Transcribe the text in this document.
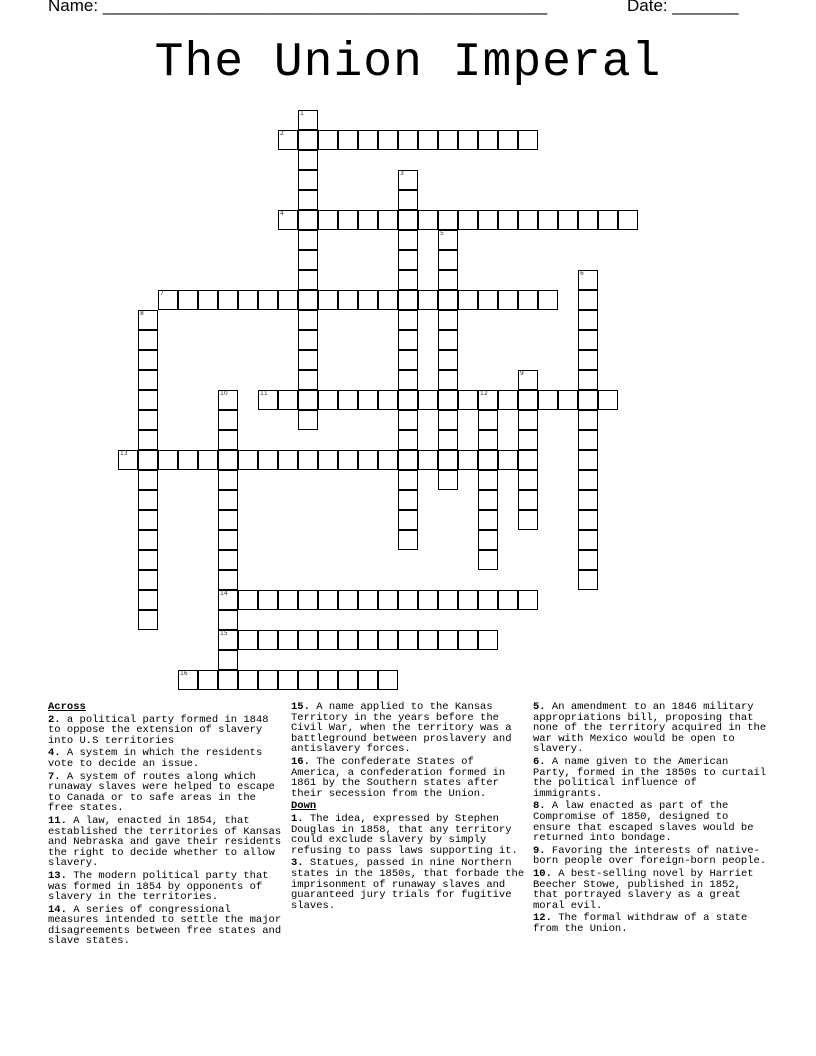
Name: _______________________________________________	Date: _______
The Union Imperal
2
4
7
11	12
13
14
15
16
1
3
5
6
8
9
10
Across
2. a political party formed in 1848 to oppose the extension of slavery into U.S territories
4. A system in which the residents vote to decide an issue.
7. A system of routes along which runaway slaves were helped to escape to Canada or to safe areas in the free states.
11. A law, enacted in 1854, that established the territories of Kansas and Nebraska and gave their residents the right to decide whether to allow slavery.
13. The modern political party that was formed in 1854 by opponents of slavery in the territories.
14. A series of congressional measures intended to settle the major disagreements between free states and slave states.
15. A name applied to the Kansas Territory in the years before the Civil War, when the territory was a battleground between proslavery and antislavery forces.
16. The confederate States of America, a confederation formed in 1861 by the Southern states after their secession from the Union.
Down
1. The idea, expressed by Stephen Douglas in 1858, that any territory could exclude slavery by simply refusing to pass laws supporting it.
3. Statues, passed in nine Northern states in the 1850s, that forbade the imprisonment of runaway slaves and guaranteed jury trials for fugitive slaves.
5. An amendment to an 1846 military appropriations bill, proposing that none of the territory acquired in the war with Mexico would be open to slavery.
6. A name given to the American Party, formed in the 1850s to curtail the political influence of immigrants.
8. A law enacted as part of the Compromise of 1850, designed to ensure that escaped slaves would be returned into bondage.
9. Favoring the interests of native-born people over foreign-born people.
10. A best-selling novel by Harriet Beecher Stowe, published in 1852, that portrayed slavery as a great moral evil.
12. The formal withdraw of a state from the Union.
